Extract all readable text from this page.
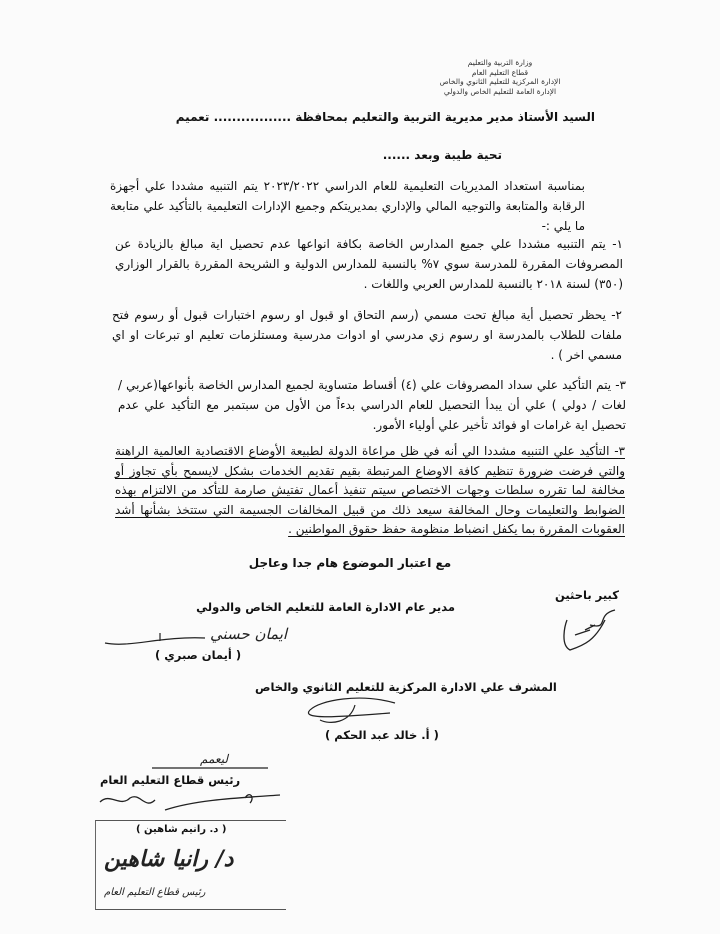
وزارة التربية والتعليم
قطاع التعليم العام
الإدارة المركزية للتعليم الثانوي والخاص
الإدارة العامة للتعليم الخاص والدولي
السيد الأستاذ مدير مديرية التربية والتعليم بمحافظة ................. تعميم
تحية طيبة وبعد ......
بمناسبة استعداد المديريات التعليمية للعام الدراسي ٢٠٢٣/٢٠٢٢ يتم التنبيه مشددا علي أجهزة الرقابة والمتابعة والتوجيه المالي والإداري بمديريتكم وجميع الإدارات التعليمية بالتأكيد علي متابعة ما يلي :-
١- يتم التنبيه مشددا علي جميع المدارس الخاصة بكافة انواعها عدم تحصيل اية مبالغ بالزيادة عن المصروفات المقررة للمدرسة سوي ٧% بالنسبة للمدارس الدولية و الشريحة المقررة بالقرار الوزاري (٣٥٠) لسنة ٢٠١٨ بالنسبة للمدارس العربي واللغات .
٢- يحظر تحصيل أية مبالغ تحت مسمي (رسم التحاق او قبول او رسوم اختبارات قبول أو رسوم فتح ملفات للطلاب بالمدرسة او رسوم زي مدرسي او ادوات مدرسية ومستلزمات تعليم او تبرعات او اي مسمي اخر ) .
٣- يتم التأكيد علي سداد المصروفات علي (٤) أقساط متساوية لجميع المدارس الخاصة بأنواعها(عربي / لغات / دولي ) علي أن يبدأ التحصيل للعام الدراسي بدءاً من الأول من سبتمبر مع التأكيد علي عدم تحصيل اية غرامات او فوائد تأخير علي أولياء الأمور.
٣- التأكيد علي التنبيه مشددا الي أنه في ظل مراعاة الدولة لطبيعة الأوضاع الاقتصادية العالمية الراهنة والتي فرضت ضرورة تنظيم كافة الاوضاع المرتبطة بقيم تقديم الخدمات بشكل لايسمح بأي تجاوز أو مخالفة لما تقرره سلطات وجهات الاختصاص سيتم تنفيذ أعمال تفتيش صارمة للتأكد من الالتزام بهذه الضوابط والتعليمات وحال المخالفة سيعد ذلك من قبيل المخالفات الجسيمة التي ستتخذ بشأنها أشد العقوبات المقررة بما يكفل انضباط منظومة حفظ حقوق المواطنين .
مع اعتبار الموضوع هام جدا وعاجل
كبير باحثين
مدير عام الادارة العامة للتعليم الخاص والدولي
ايمان حسني
( أيمان صبري )
المشرف علي الادارة المركزية للتعليم الثانوي والخاص
( أ. خالد عبد الحكم )
ليعمم
رئيس قطاع التعليم العام
( د. رانيم شاهين )
د/ رانيا شاهين
رئيس قطاع التعليم العام
